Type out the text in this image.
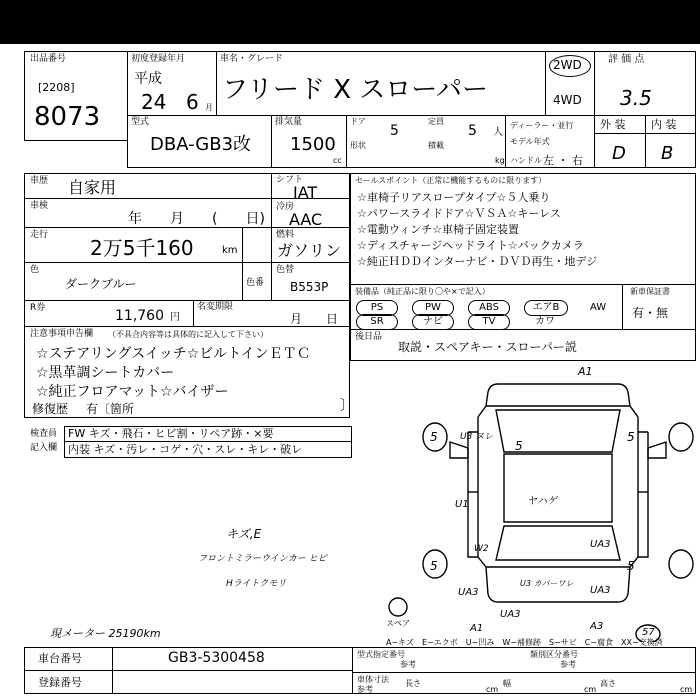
出品番号
[2208]
8073
初度登録年月
平成
24 6 月
車名・グレード
フリード X スローパー
2WD
4WD
評 価 点
3.5
型式
DBA-GB3改
排気量
1500
cc
ドア
5
定員
5 人
形状	積載
kg
ディーラー・並行
モデル年式
ハンドル 左 ・ 右
外 装 内 装
D B
車歴 自家用
車検
年　　月　　(　　日)
走行
2万5千160	km
シフト
IAT
冷房
AAC
燃料
ガソリン
色
ダークブルー	色番
色替
B553P
R券	11,760 円
名変期限
月　　日
セールスポイント（正常に機能するものに限ります）
☆車椅子リアスロープタイプ☆５人乗り
☆パワースライドドア☆ＶＳＡ☆キーレス
☆電動ウィンチ☆車椅子固定装置
☆ディスチャージヘッドライト☆バックカメラ
☆純正ＨＤＤインターナビ・ＤＶＤ再生・地デジ
装備品（純正品に限り〇や×で記入）
PS	PW	ABS	エアB	AW
SR	ナビ	TV	カワ
新車保証書
有・無
後日品
取説・スペアキー・スローパー説
注意事項申告欄 （不具合内容等は具体的に記入して下さい）
☆ステアリングスイッチ☆ビルトインＥＴＣ
☆黒革調シートカバー
☆純正フロアマット☆バイザー
修復歴 有〔箇所	〕
検査員
記入欄
FW キズ・飛石・ヒビ割・リペア跡・×要
内装 キズ・汚レ・コゲ・穴・スレ・キレ・破レ
キズ,E
フロントミラーウインカー ヒビ
Hライトクモリ
現メーター 25190km
A1
5 U3 ヌレ
5
5
U1	ヤハゲ
W2	UA3
5
UA3
5
U3 カバーワレ
UA3
UA3
A1	A3
57
スペア
A−キズ　E−エクボ　U−凹み　W−補修跡　S−サビ　C−腐食　XX−交換済
車台番号	GB3-5300458
登録番号
型式指定番号	類別区分番号
参考	参考
車体寸法
参考
長さ
cm
幅
cm
高さ
cm
